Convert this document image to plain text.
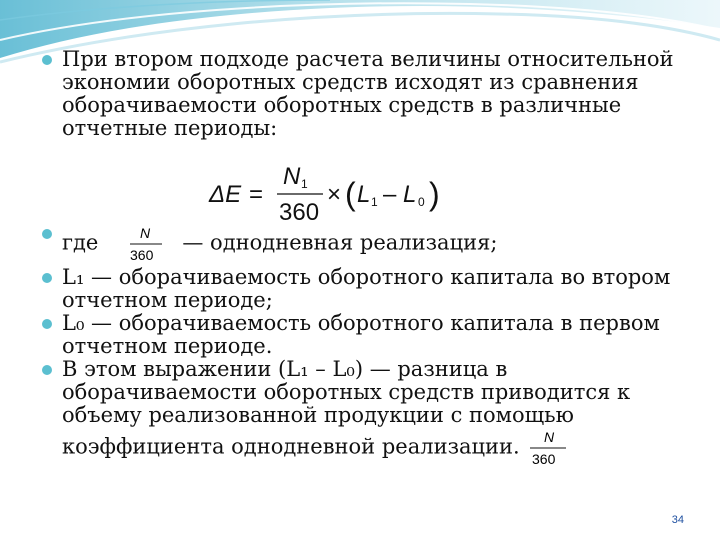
ΔE =
N 1
360
× ( L 1 – L 0 )
При втором подходе расчета величины относительной экономии оборотных средств исходят из сравнения оборачиваемости оборотных средств в различные отчетные периоды:
где	N
360
— однодневная реализация;
L₁ — оборачиваемость оборотного капитала во втором отчетном периоде;
L₀ — оборачиваемость оборотного капитала в первом отчетном периоде.
В этом выражении (L₁ – L₀) — разница в оборачиваемости оборотных средств приводится к объему реализованной продукции с помощью коэффициента однодневной реализации. N
360
34
